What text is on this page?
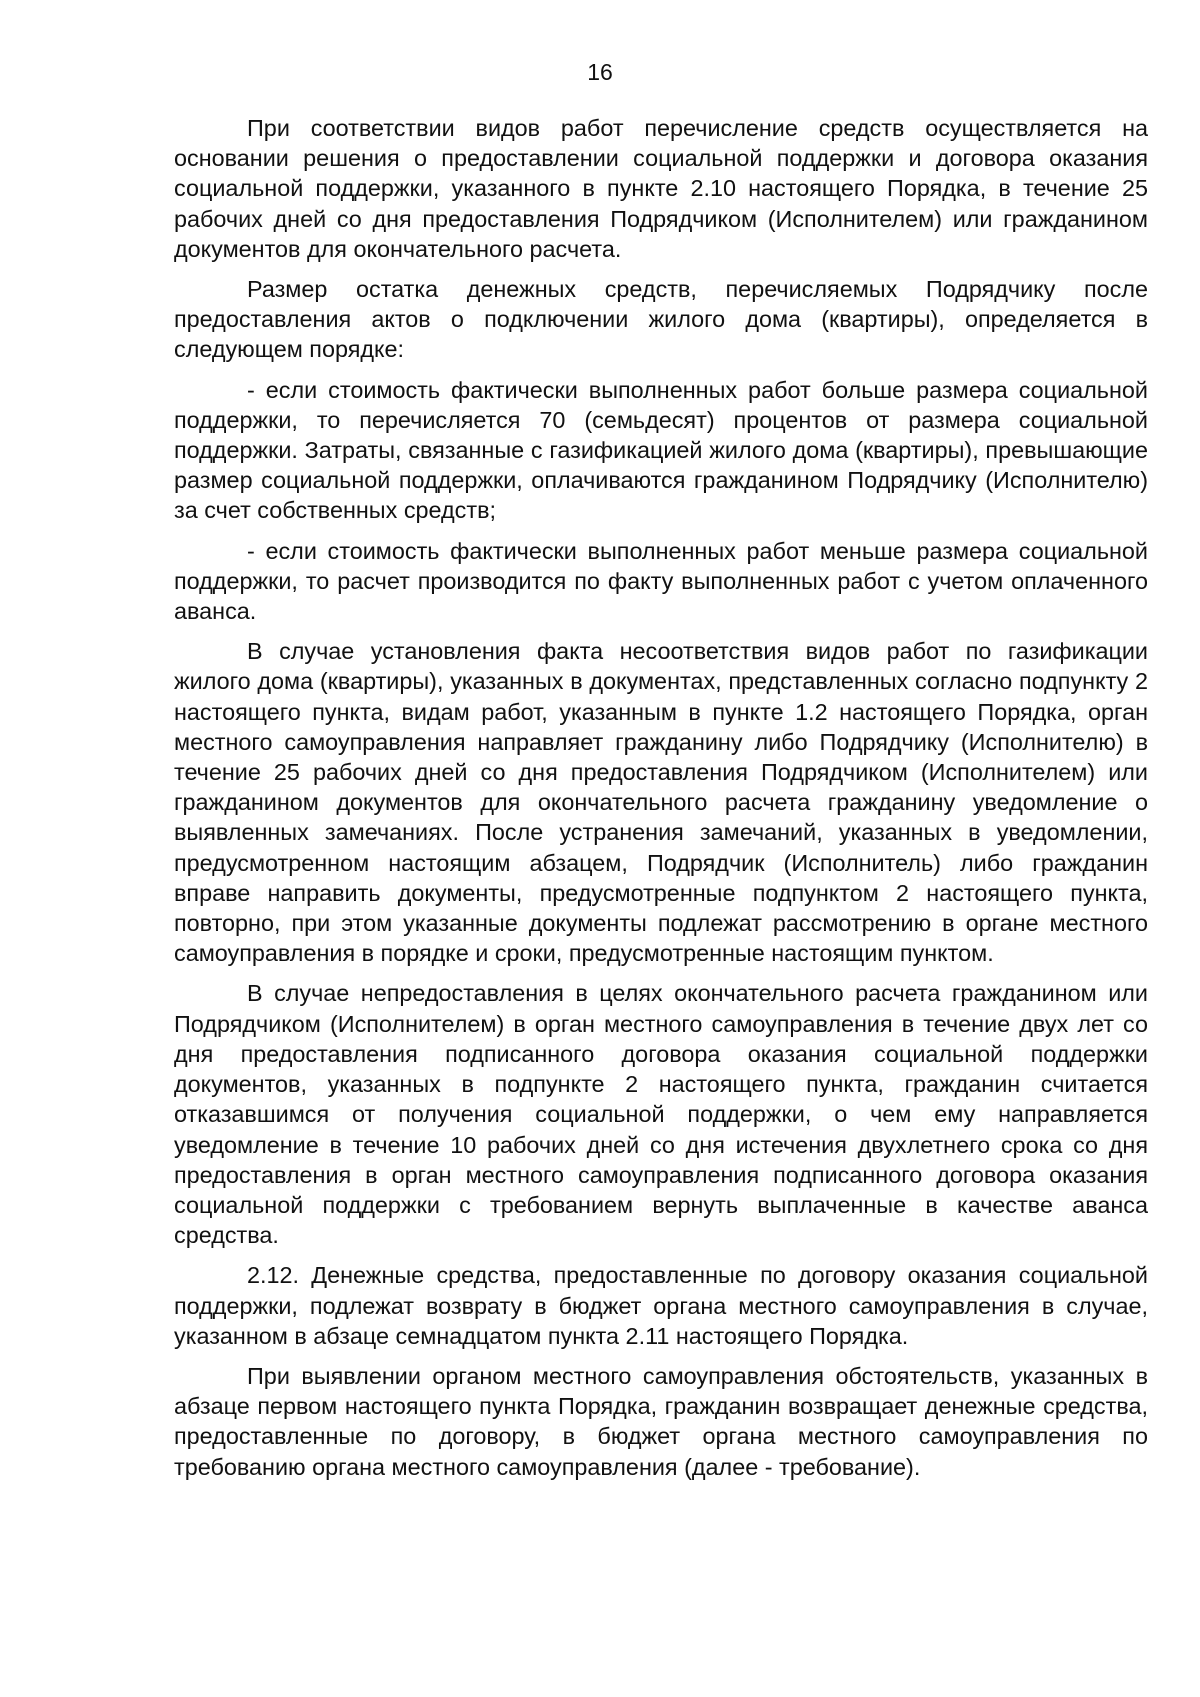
16

При соответствии видов работ перечисление средств осуществляется на основании решения о предоставлении социальной поддержки и договора оказания социальной поддержки, указанного в пункте 2.10 настоящего Порядка, в течение 25 рабочих дней со дня предоставления Подрядчиком (Исполнителем) или гражданином документов для окончательного расчета.

Размер остатка денежных средств, перечисляемых Подрядчику после предоставления актов о подключении жилого дома (квартиры), определяется в следующем порядке:

- если стоимость фактически выполненных работ больше размера социальной поддержки, то перечисляется 70 (семьдесят) процентов от размера социальной поддержки. Затраты, связанные с газификацией жилого дома (квартиры), превышающие размер социальной поддержки, оплачиваются гражданином Подрядчику (Исполнителю) за счет собственных средств;

- если стоимость фактически выполненных работ меньше размера социальной поддержки, то расчет производится по факту выполненных работ с учетом оплаченного аванса.

В случае установления факта несоответствия видов работ по газификации жилого дома (квартиры), указанных в документах, представленных согласно подпункту 2 настоящего пункта, видам работ, указанным в пункте 1.2 настоящего Порядка, орган местного самоуправления направляет гражданину либо Подрядчику (Исполнителю) в течение 25 рабочих дней со дня предоставления Подрядчиком (Исполнителем) или гражданином документов для окончательного расчета гражданину уведомление о выявленных замечаниях. После устранения замечаний, указанных в уведомлении, предусмотренном настоящим абзацем, Подрядчик (Исполнитель) либо гражданин вправе направить документы, предусмотренные подпунктом 2 настоящего пункта, повторно, при этом указанные документы подлежат рассмотрению в органе местного самоуправления в порядке и сроки, предусмотренные настоящим пунктом.

В случае непредоставления в целях окончательного расчета гражданином или Подрядчиком (Исполнителем) в орган местного самоуправления в течение двух лет со дня предоставления подписанного договора оказания социальной поддержки документов, указанных в подпункте 2 настоящего пункта, гражданин считается отказавшимся от получения социальной поддержки, о чем ему направляется уведомление в течение 10 рабочих дней со дня истечения двухлетнего срока со дня предоставления в орган местного самоуправления подписанного договора оказания социальной поддержки с требованием вернуть выплаченные в качестве аванса средства.

2.12. Денежные средства, предоставленные по договору оказания социальной поддержки, подлежат возврату в бюджет органа местного самоуправления в случае, указанном в абзаце семнадцатом пункта 2.11 настоящего Порядка.

При выявлении органом местного самоуправления обстоятельств, указанных в абзаце первом настоящего пункта Порядка, гражданин возвращает денежные средства, предоставленные по договору, в бюджет органа местного самоуправления по требованию органа местного самоуправления (далее - требование).
